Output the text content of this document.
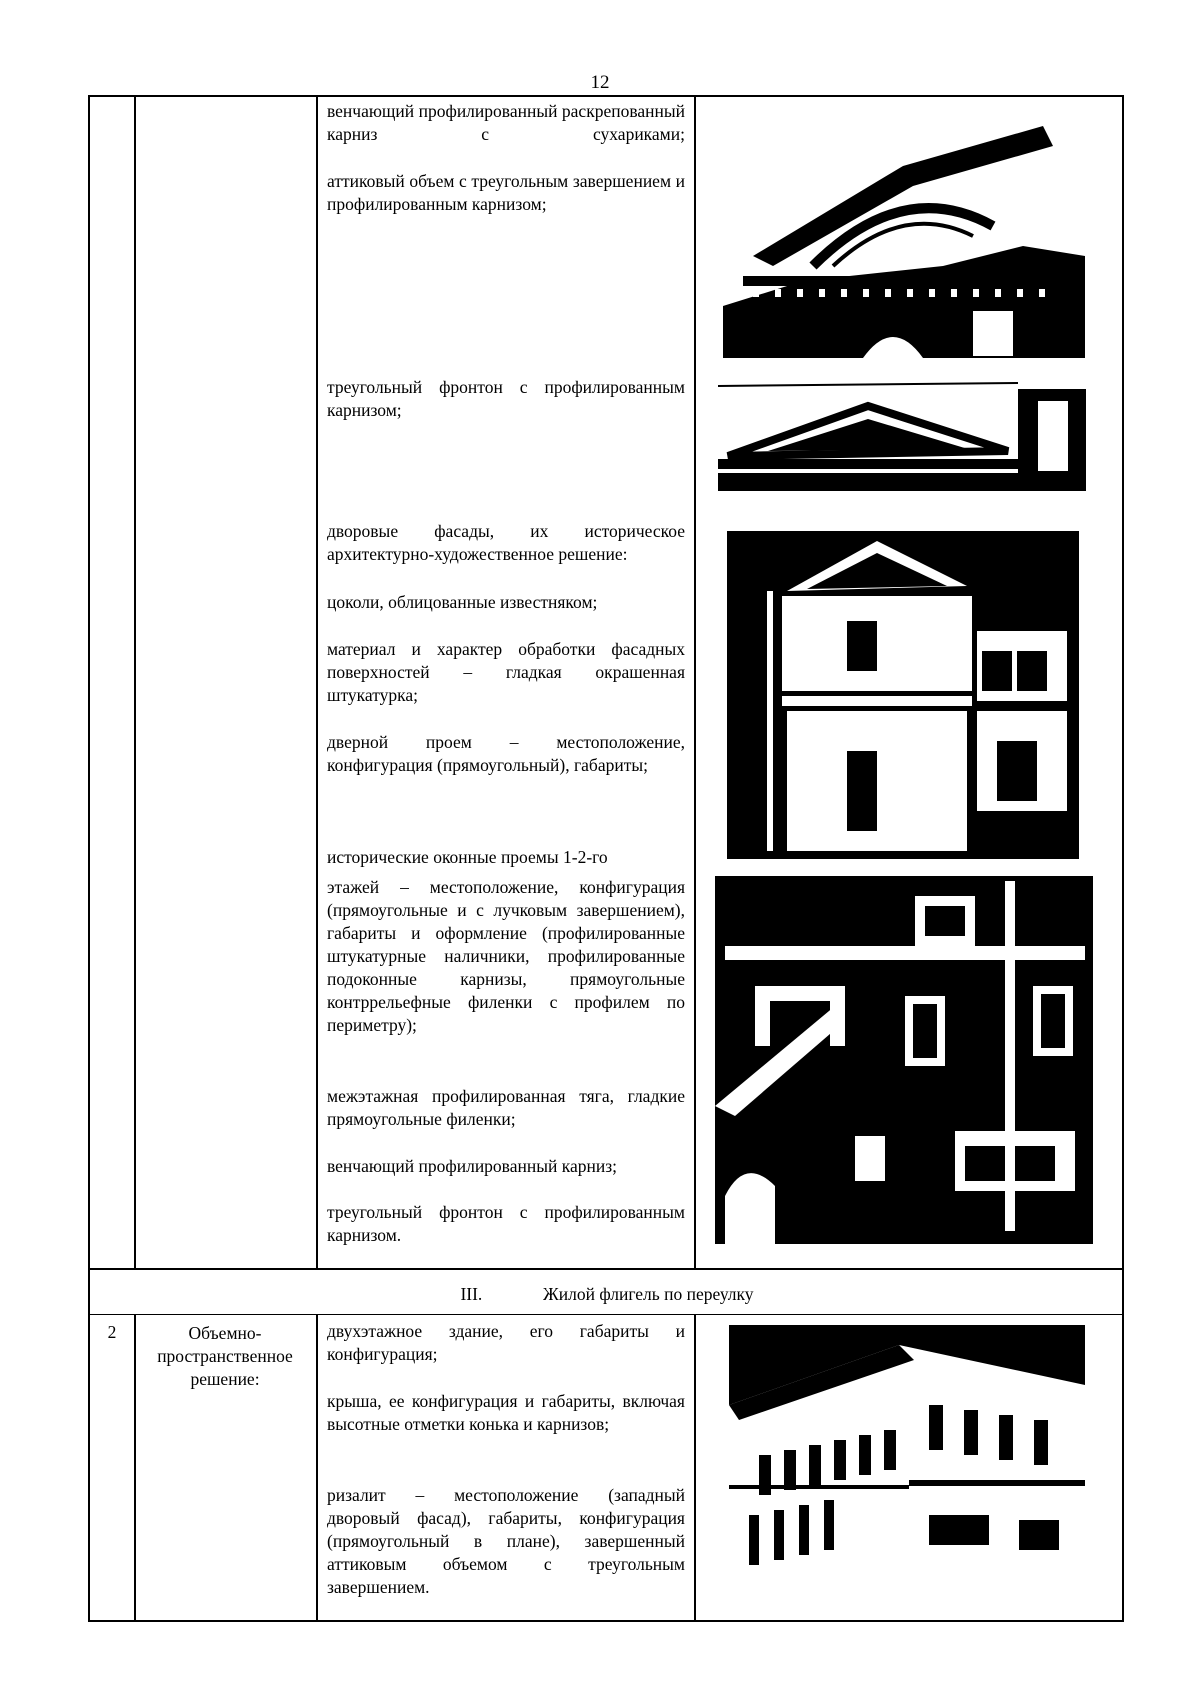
12

венчающий профилированный раскрепованный карниз с сухариками;

аттиковый объем с треугольным завершением и профилированным карнизом;

треугольный фронтон с профилированным карнизом;

дворовые фасады, их историческое архитектурно-художественное решение:

цоколи, облицованные известняком;

материал и характер обработки фасадных поверхностей – гладкая окрашенная штукатурка;

дверной проем – местоположение, конфигурация (прямоугольный), габариты;

исторические оконные проемы 1-2-го

этажей – местоположение, конфигурация (прямоугольные и с лучковым завершением), габариты и оформление (профилированные штукатурные наличники, профилированные подоконные карнизы, прямоугольные контррельефные филенки с профилем по периметру);

межэтажная профилированная тяга, гладкие прямоугольные филенки;

венчающий профилированный карниз;

треугольный фронтон с профилированным карнизом.

III.	Жилой флигель по переулку
2	Объемно-пространственное решение:

двухэтажное здание, его габариты и конфигурация;

крыша, ее конфигурация и габариты, включая высотные отметки конька и карнизов;

ризалит – местоположение (западный дворовый фасад), габариты, конфигурация (прямоугольный в плане), завершенный аттиковым объемом с треугольным завершением.
